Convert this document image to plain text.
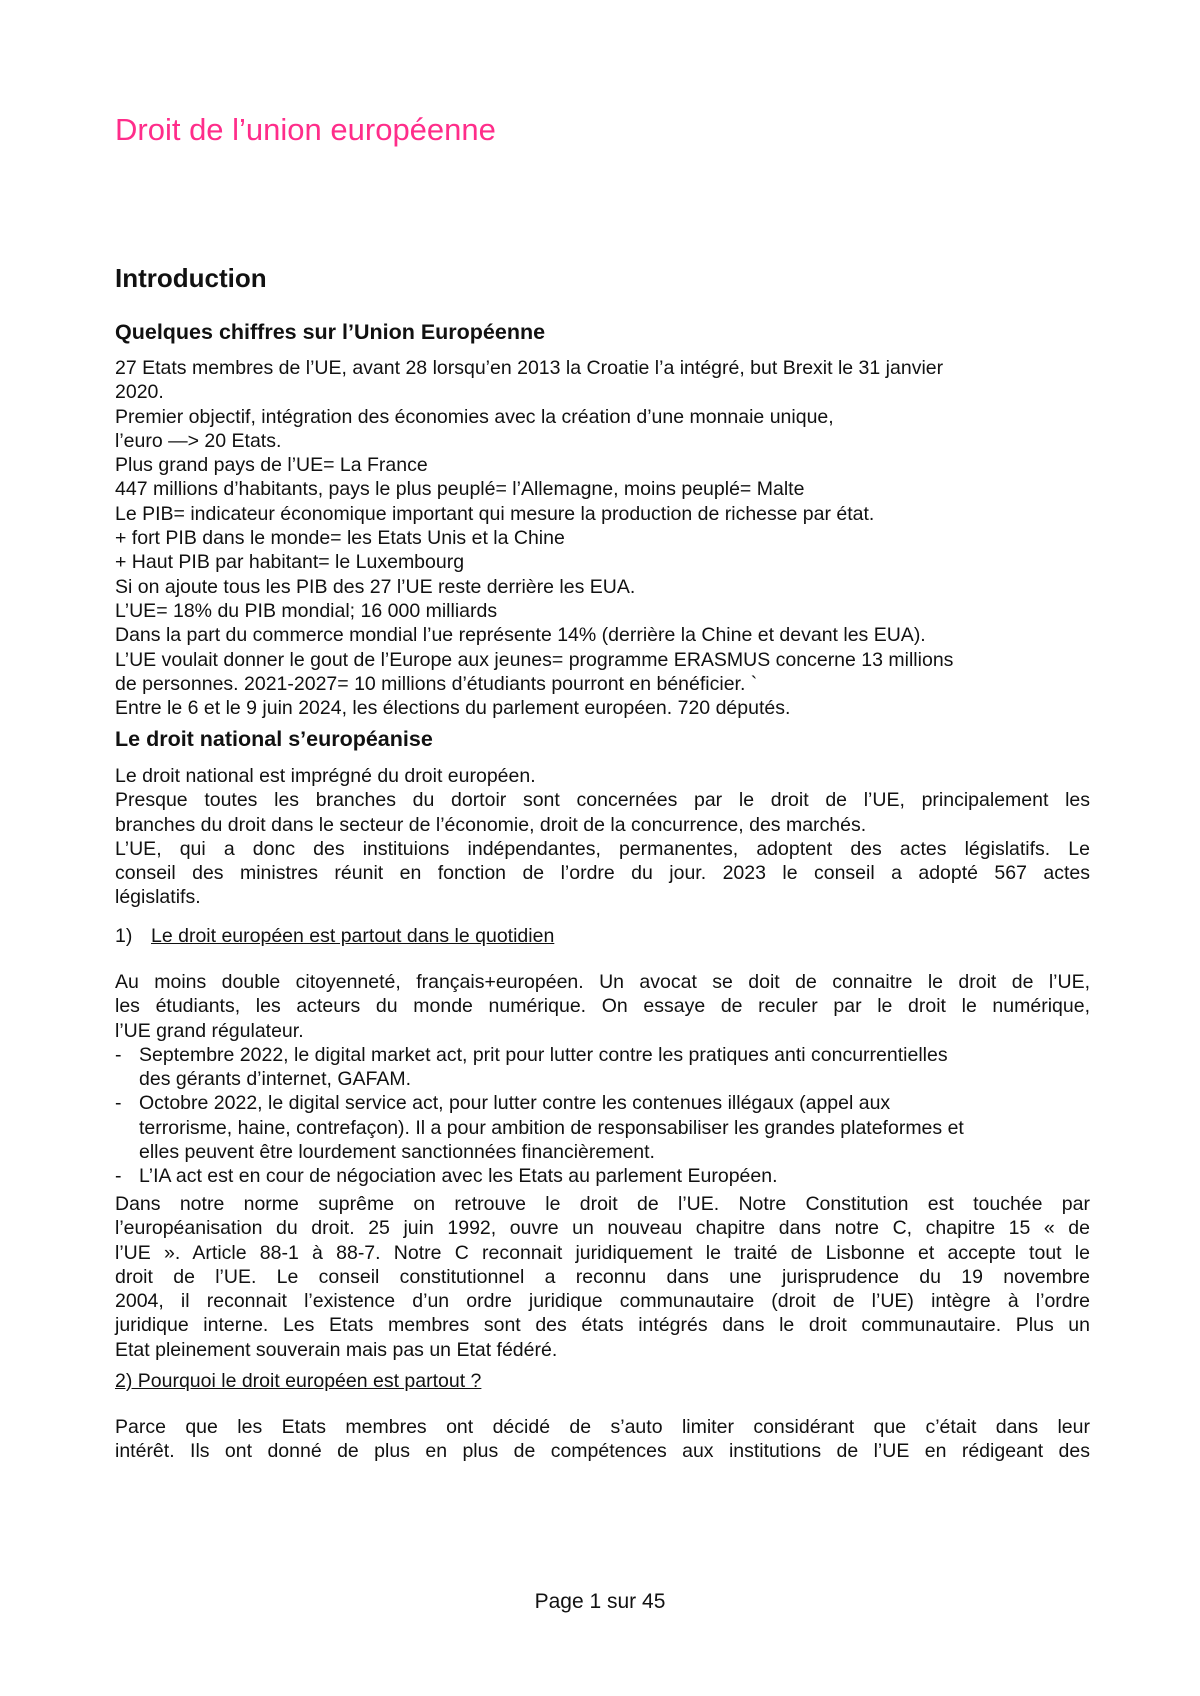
Droit de l’union européenne
Introduction
Quelques chiffres sur l’Union Européenne
27 Etats membres de l’UE, avant 28 lorsqu’en 2013 la Croatie l’a intégré, but Brexit le 31 janvier
2020.
Premier objectif, intégration des économies avec la création d’une monnaie unique,
l’euro —> 20 Etats.
Plus grand pays de l’UE= La France
447 millions d’habitants, pays le plus peuplé= l’Allemagne, moins peuplé= Malte
Le PIB= indicateur économique important qui mesure la production de richesse par état.
+ fort PIB dans le monde= les Etats Unis et la Chine
+ Haut PIB par habitant= le Luxembourg
Si on ajoute tous les PIB des 27 l’UE reste derrière les EUA.
L’UE= 18% du PIB mondial; 16 000 milliards
Dans la part du commerce mondial l’ue représente 14% (derrière la Chine et devant les EUA).
L’UE voulait donner le gout de l’Europe aux jeunes= programme ERASMUS concerne 13 millions
de personnes. 2021-2027= 10 millions d’étudiants pourront en bénéficier. `
Entre le 6 et le 9 juin 2024, les élections du parlement européen. 720 députés.
Le droit national s’européanise
Le droit national est imprégné du droit européen.
Presque toutes les branches du dortoir sont concernées par le droit de l’UE, principalement les
branches du droit dans le secteur de l’économie, droit de la concurrence, des marchés.
L’UE, qui a donc des instituions indépendantes, permanentes, adoptent des actes législatifs. Le
conseil des ministres réunit en fonction de l’ordre du jour. 2023 le conseil a adopté 567 actes
législatifs.
1) Le droit européen est partout dans le quotidien
Au moins double citoyenneté, français+européen. Un avocat se doit de connaitre le droit de l’UE,
les étudiants, les acteurs du monde numérique. On essaye de reculer par le droit le numérique,
l’UE grand régulateur.
- Septembre 2022, le digital market act, prit pour lutter contre les pratiques anti concurrentielles
des gérants d’internet, GAFAM.
- Octobre 2022, le digital service act, pour lutter contre les contenues illégaux (appel aux
terrorisme, haine, contrefaçon). Il a pour ambition de responsabiliser les grandes plateformes et
elles peuvent être lourdement sanctionnées financièrement.
- L’IA act est en cour de négociation avec les Etats au parlement Européen.
Dans notre norme suprême on retrouve le droit de l’UE. Notre Constitution est touchée par
l’européanisation du droit. 25 juin 1992, ouvre un nouveau chapitre dans notre C, chapitre 15 « de
l’UE ». Article 88-1 à 88-7. Notre C reconnait juridiquement le traité de Lisbonne et accepte tout le
droit de l’UE. Le conseil constitutionnel a reconnu dans une jurisprudence du 19 novembre
2004, il reconnait l’existence d’un ordre juridique communautaire (droit de l’UE) intègre à l’ordre
juridique interne. Les Etats membres sont des états intégrés dans le droit communautaire. Plus un
Etat pleinement souverain mais pas un Etat fédéré.
2) Pourquoi le droit européen est partout ?
Parce que les Etats membres ont décidé de s’auto limiter considérant que c’était dans leur
intérêt. Ils ont donné de plus en plus de compétences aux institutions de l’UE en rédigeant des
Page 1 sur 45
